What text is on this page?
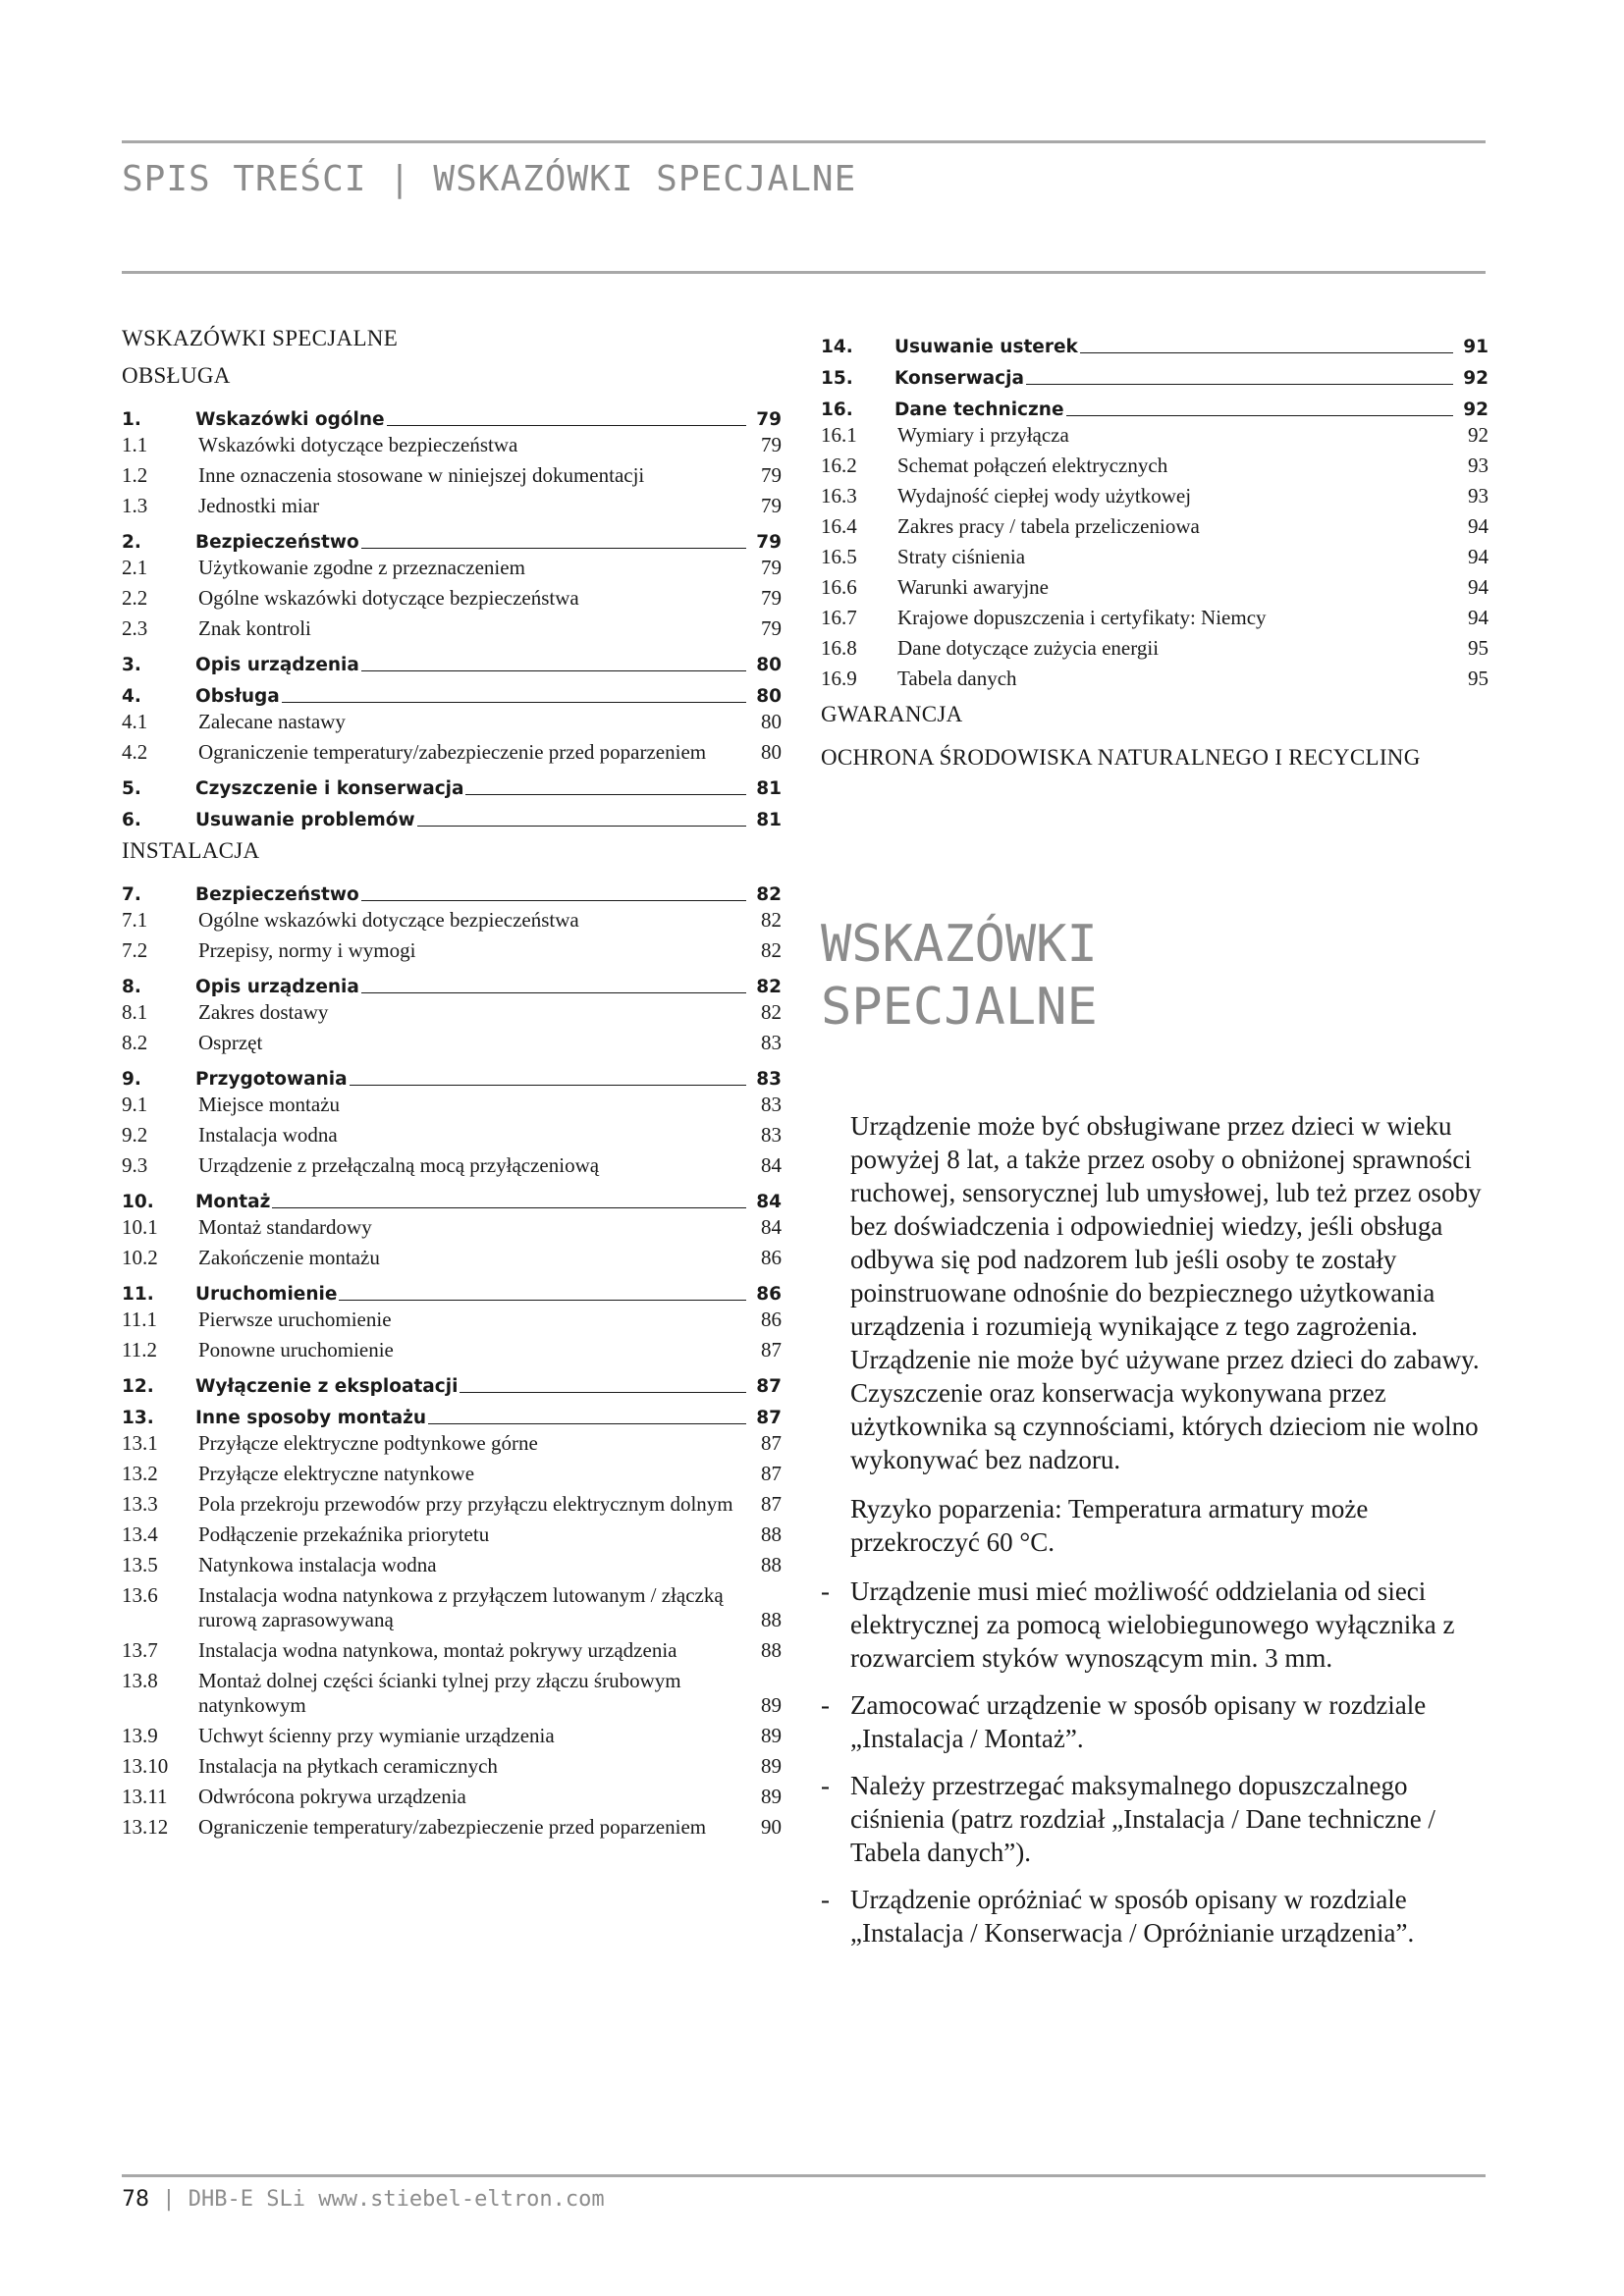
SPIS TREŚCI | WSKAZÓWKI SPECJALNE
WSKAZÓWKI SPECJALNE
OBSŁUGA
1.	Wskazówki ogólne	79
1.1	Wskazówki dotyczące bezpieczeństwa	79
1.2	Inne oznaczenia stosowane w niniejszej dokumentacji	79
1.3	Jednostki miar	79
2.	Bezpieczeństwo	79
2.1	Użytkowanie zgodne z przeznaczeniem	79
2.2	Ogólne wskazówki dotyczące bezpieczeństwa	79
2.3	Znak kontroli	79
3.	Opis urządzenia	80
4.	Obsługa	80
4.1	Zalecane nastawy	80
4.2	Ograniczenie temperatury/zabezpieczenie przed poparzeniem	80
5.	Czyszczenie i konserwacja	81
6.	Usuwanie problemów	81
INSTALACJA
7.	Bezpieczeństwo	82
7.1	Ogólne wskazówki dotyczące bezpieczeństwa	82
7.2	Przepisy, normy i wymogi	82
8.	Opis urządzenia	82
8.1	Zakres dostawy	82
8.2	Osprzęt	83
9.	Przygotowania	83
9.1	Miejsce montażu	83
9.2	Instalacja wodna	83
9.3	Urządzenie z przełączalną mocą przyłączeniową	84
10.	Montaż	84
10.1	Montaż standardowy	84
10.2	Zakończenie montażu	86
11.	Uruchomienie	86
11.1	Pierwsze uruchomienie	86
11.2	Ponowne uruchomienie	87
12.	Wyłączenie z eksploatacji	87
13.	Inne sposoby montażu	87
13.1	Przyłącze elektryczne podtynkowe górne	87
13.2	Przyłącze elektryczne natynkowe	87
13.3	Pola przekroju przewodów przy przyłączu elektrycznym dolnym	87
13.4	Podłączenie przekaźnika priorytetu	88
13.5	Natynkowa instalacja wodna	88
13.6	Instalacja wodna natynkowa z przyłączem lutowanym / złączką rurową zaprasowywaną	88
13.7	Instalacja wodna natynkowa, montaż pokrywy urządzenia	88
13.8	Montaż dolnej części ścianki tylnej przy złączu śrubowym natynkowym	89
13.9	Uchwyt ścienny przy wymianie urządzenia	89
13.10	Instalacja na płytkach ceramicznych	89
13.11	Odwrócona pokrywa urządzenia	89
13.12	Ograniczenie temperatury/zabezpieczenie przed poparzeniem	90
14.	Usuwanie usterek	91
15.	Konserwacja	92
16.	Dane techniczne	92
16.1	Wymiary i przyłącza	92
16.2	Schemat połączeń elektrycznych	93
16.3	Wydajność ciepłej wody użytkowej	93
16.4	Zakres pracy / tabela przeliczeniowa	94
16.5	Straty ciśnienia	94
16.6	Warunki awaryjne	94
16.7	Krajowe dopuszczenia i certyfikaty: Niemcy	94
16.8	Dane dotyczące zużycia energii	95
16.9	Tabela danych	95
GWARANCJA
OCHRONA ŚRODOWISKA NATURALNEGO I RECYCLING
WSKAZÓWKI SPECJALNE

Urządzenie może być obsługiwane przez dzieci w wieku powyżej 8 lat, a także przez osoby o obniżonej sprawności ruchowej, sensorycznej lub umysłowej, lub też przez osoby bez doświadczenia i odpowiedniej wiedzy, jeśli obsługa odbywa się pod nadzorem lub jeśli osoby te zostały poinstruowane odnośnie do bezpiecznego użytkowania urządzenia i rozumieją wynikające z tego zagrożenia. Urządzenie nie może być używane przez dzieci do zabawy. Czyszczenie oraz konserwacja wykonywana przez użytkownika są czynnościami, których dzieciom nie wolno wykonywać bez nadzoru.

Ryzyko poparzenia: Temperatura armatury może przekroczyć 60 °C.

- Urządzenie musi mieć możliwość oddzielania od sieci elektrycznej za pomocą wielobiegunowego wyłącznika z rozwarciem styków wynoszącym min. 3 mm.
- Zamocować urządzenie w sposób opisany w rozdziale „Instalacja / Montaż”.
- Należy przestrzegać maksymalnego dopuszczalnego ciśnienia (patrz rozdział „Instalacja / Dane techniczne / Tabela danych”).
- Urządzenie opróżniać w sposób opisany w rozdziale „Instalacja / Konserwacja / Opróżnianie urządzenia”.
78 | DHB-E SLi www.stiebel-eltron.com
